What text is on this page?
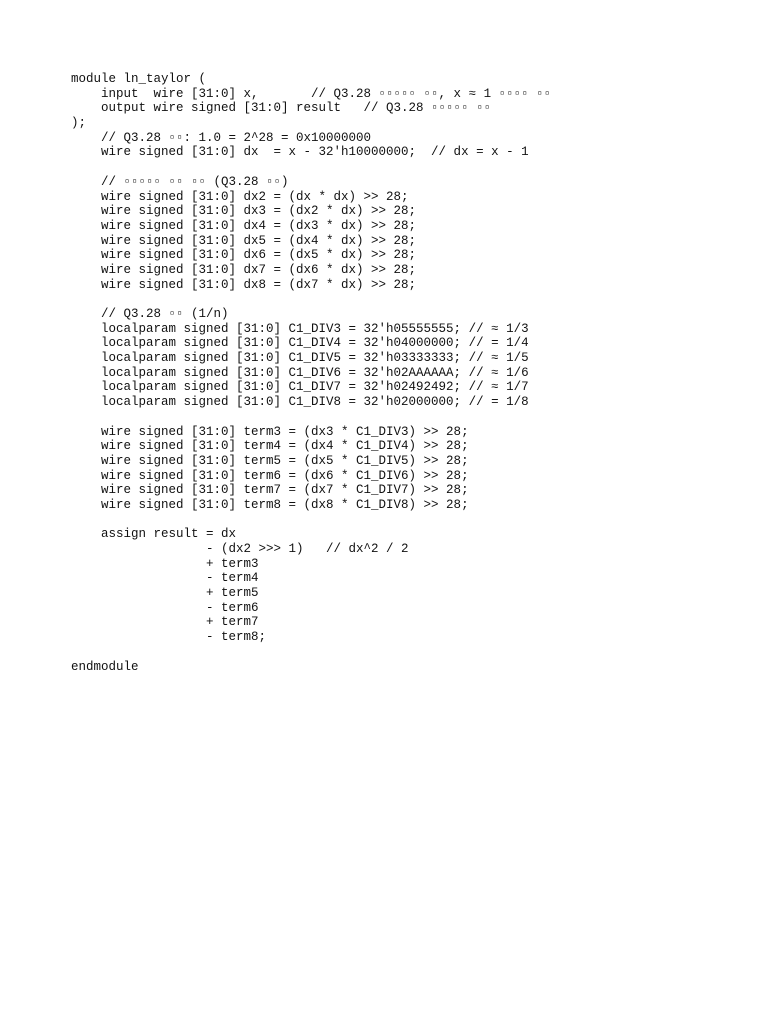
module ln_taylor (
input  wire [31:0] x,       // Q3.28 ▫▫▫▫▫ ▫▫, x ≈ 1 ▫▫▫▫ ▫▫
output wire signed [31:0] result   // Q3.28 ▫▫▫▫▫ ▫▫
);
// Q3.28 ▫▫: 1.0 = 2^28 = 0x10000000
wire signed [31:0] dx  = x - 32'h10000000;  // dx = x - 1
// ▫▫▫▫▫ ▫▫ ▫▫ (Q3.28 ▫▫)
wire signed [31:0] dx2 = (dx * dx) >> 28;
wire signed [31:0] dx3 = (dx2 * dx) >> 28;
wire signed [31:0] dx4 = (dx3 * dx) >> 28;
wire signed [31:0] dx5 = (dx4 * dx) >> 28;
wire signed [31:0] dx6 = (dx5 * dx) >> 28;
wire signed [31:0] dx7 = (dx6 * dx) >> 28;
wire signed [31:0] dx8 = (dx7 * dx) >> 28;
// Q3.28 ▫▫ (1/n)
localparam signed [31:0] C1_DIV3 = 32'h05555555; // ≈ 1/3
localparam signed [31:0] C1_DIV4 = 32'h04000000; // = 1/4
localparam signed [31:0] C1_DIV5 = 32'h03333333; // ≈ 1/5
localparam signed [31:0] C1_DIV6 = 32'h02AAAAAA; // ≈ 1/6
localparam signed [31:0] C1_DIV7 = 32'h02492492; // ≈ 1/7
localparam signed [31:0] C1_DIV8 = 32'h02000000; // = 1/8
wire signed [31:0] term3 = (dx3 * C1_DIV3) >> 28;
wire signed [31:0] term4 = (dx4 * C1_DIV4) >> 28;
wire signed [31:0] term5 = (dx5 * C1_DIV5) >> 28;
wire signed [31:0] term6 = (dx6 * C1_DIV6) >> 28;
wire signed [31:0] term7 = (dx7 * C1_DIV7) >> 28;
wire signed [31:0] term8 = (dx8 * C1_DIV8) >> 28;
assign result = dx
- (dx2 >>> 1)   // dx^2 / 2
+ term3
- term4
+ term5
- term6
+ term7
- term8;
endmodule
